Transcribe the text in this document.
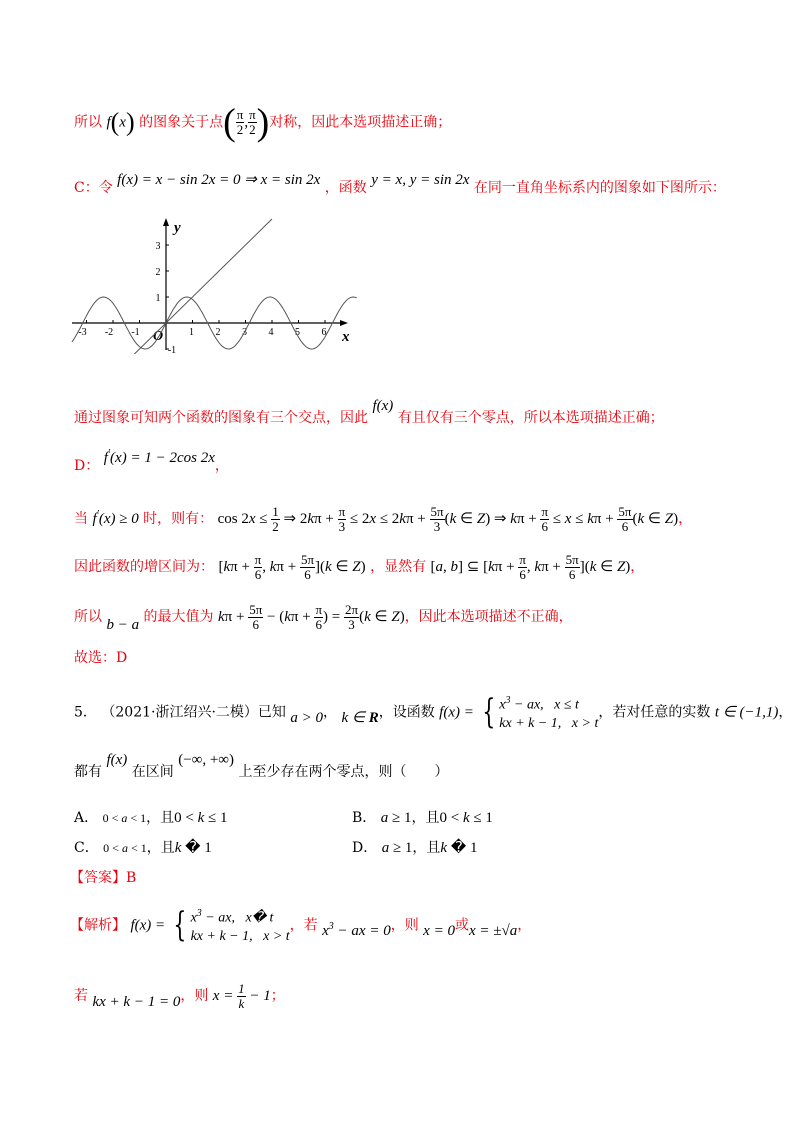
所以 f(x) 的图象关于点( $\frac{\pi}{2}$ , $\frac{\pi}{2}$ )对称，因此本选项描述正确；
C：令 f(x) = x − sin 2x = 0 ⇒ x = sin 2x ，函数 y = x, y = sin 2x 在同一直角坐标系内的图象如下图所示：
-3 -2 -1	1 2 3 4 5 6
3
2
1
-1
y
x
O
通过图象可知两个函数的图象有三个交点，因此 f(x) 有且仅有三个零点，所以本选项描述正确；
D： f′(x) = 1 − 2cos 2x，
当 f′(x) ≥ 0 时，则有： $\cos 2x \le \frac{1}{2}$ ⇒ $2k\pi + \frac{\pi}{3} \le 2x \le 2k\pi + \frac{5\pi}{3} (k$ ∈ Z) ⇒ $k\pi + \frac{\pi}{6} \le x \le k\pi + \frac{5\pi}{6} (k$ ∈ Z)，
因此函数的增区间为： [$k\pi + \frac{\pi}{6}$ , $k\pi + \frac{5\pi}{6} ](k$ ∈ Z) ，显然有 [a, b] ⊆ [$k\pi + \frac{\pi}{6}$ , $k\pi + \frac{5\pi}{6} ](k$ ∈ Z)，
所以 b − a 的最大值为 $k\pi + \frac{5\pi}{6} - (k\pi + \frac{\pi}{6}$ ) = $\frac{2\pi}{3} (k$ ∈ Z)，因此本选项描述不正确，
故选：D
5． （2021·浙江绍兴·二模）已知 a > 0， k ∈ R，设函数 f(x) = { $x^3$ − ax,   x ≤ t
kx + k − 1,   x > t，若对任意的实数 t ∈ (−1,1)，
都有 f(x) 在区间 (−∞, +∞) 上至少存在两个零点，则（　　）
A． 0 < a < 1，且0 < k ≤ 1	B． a ≥ 1，且0 < k ≤ 1
C． 0 < a < 1，且k � 1	D． a ≥ 1，且k � 1
【答案】B
【解析】 f(x) = { $x^3$ − ax,   x� t
kx + k − 1,   x > t，若 $x^3$ − ax = 0，则 x = 0或x = ±√a，
若 kx + k − 1 = 0，则 $x = \frac{1}{k} - 1$；
